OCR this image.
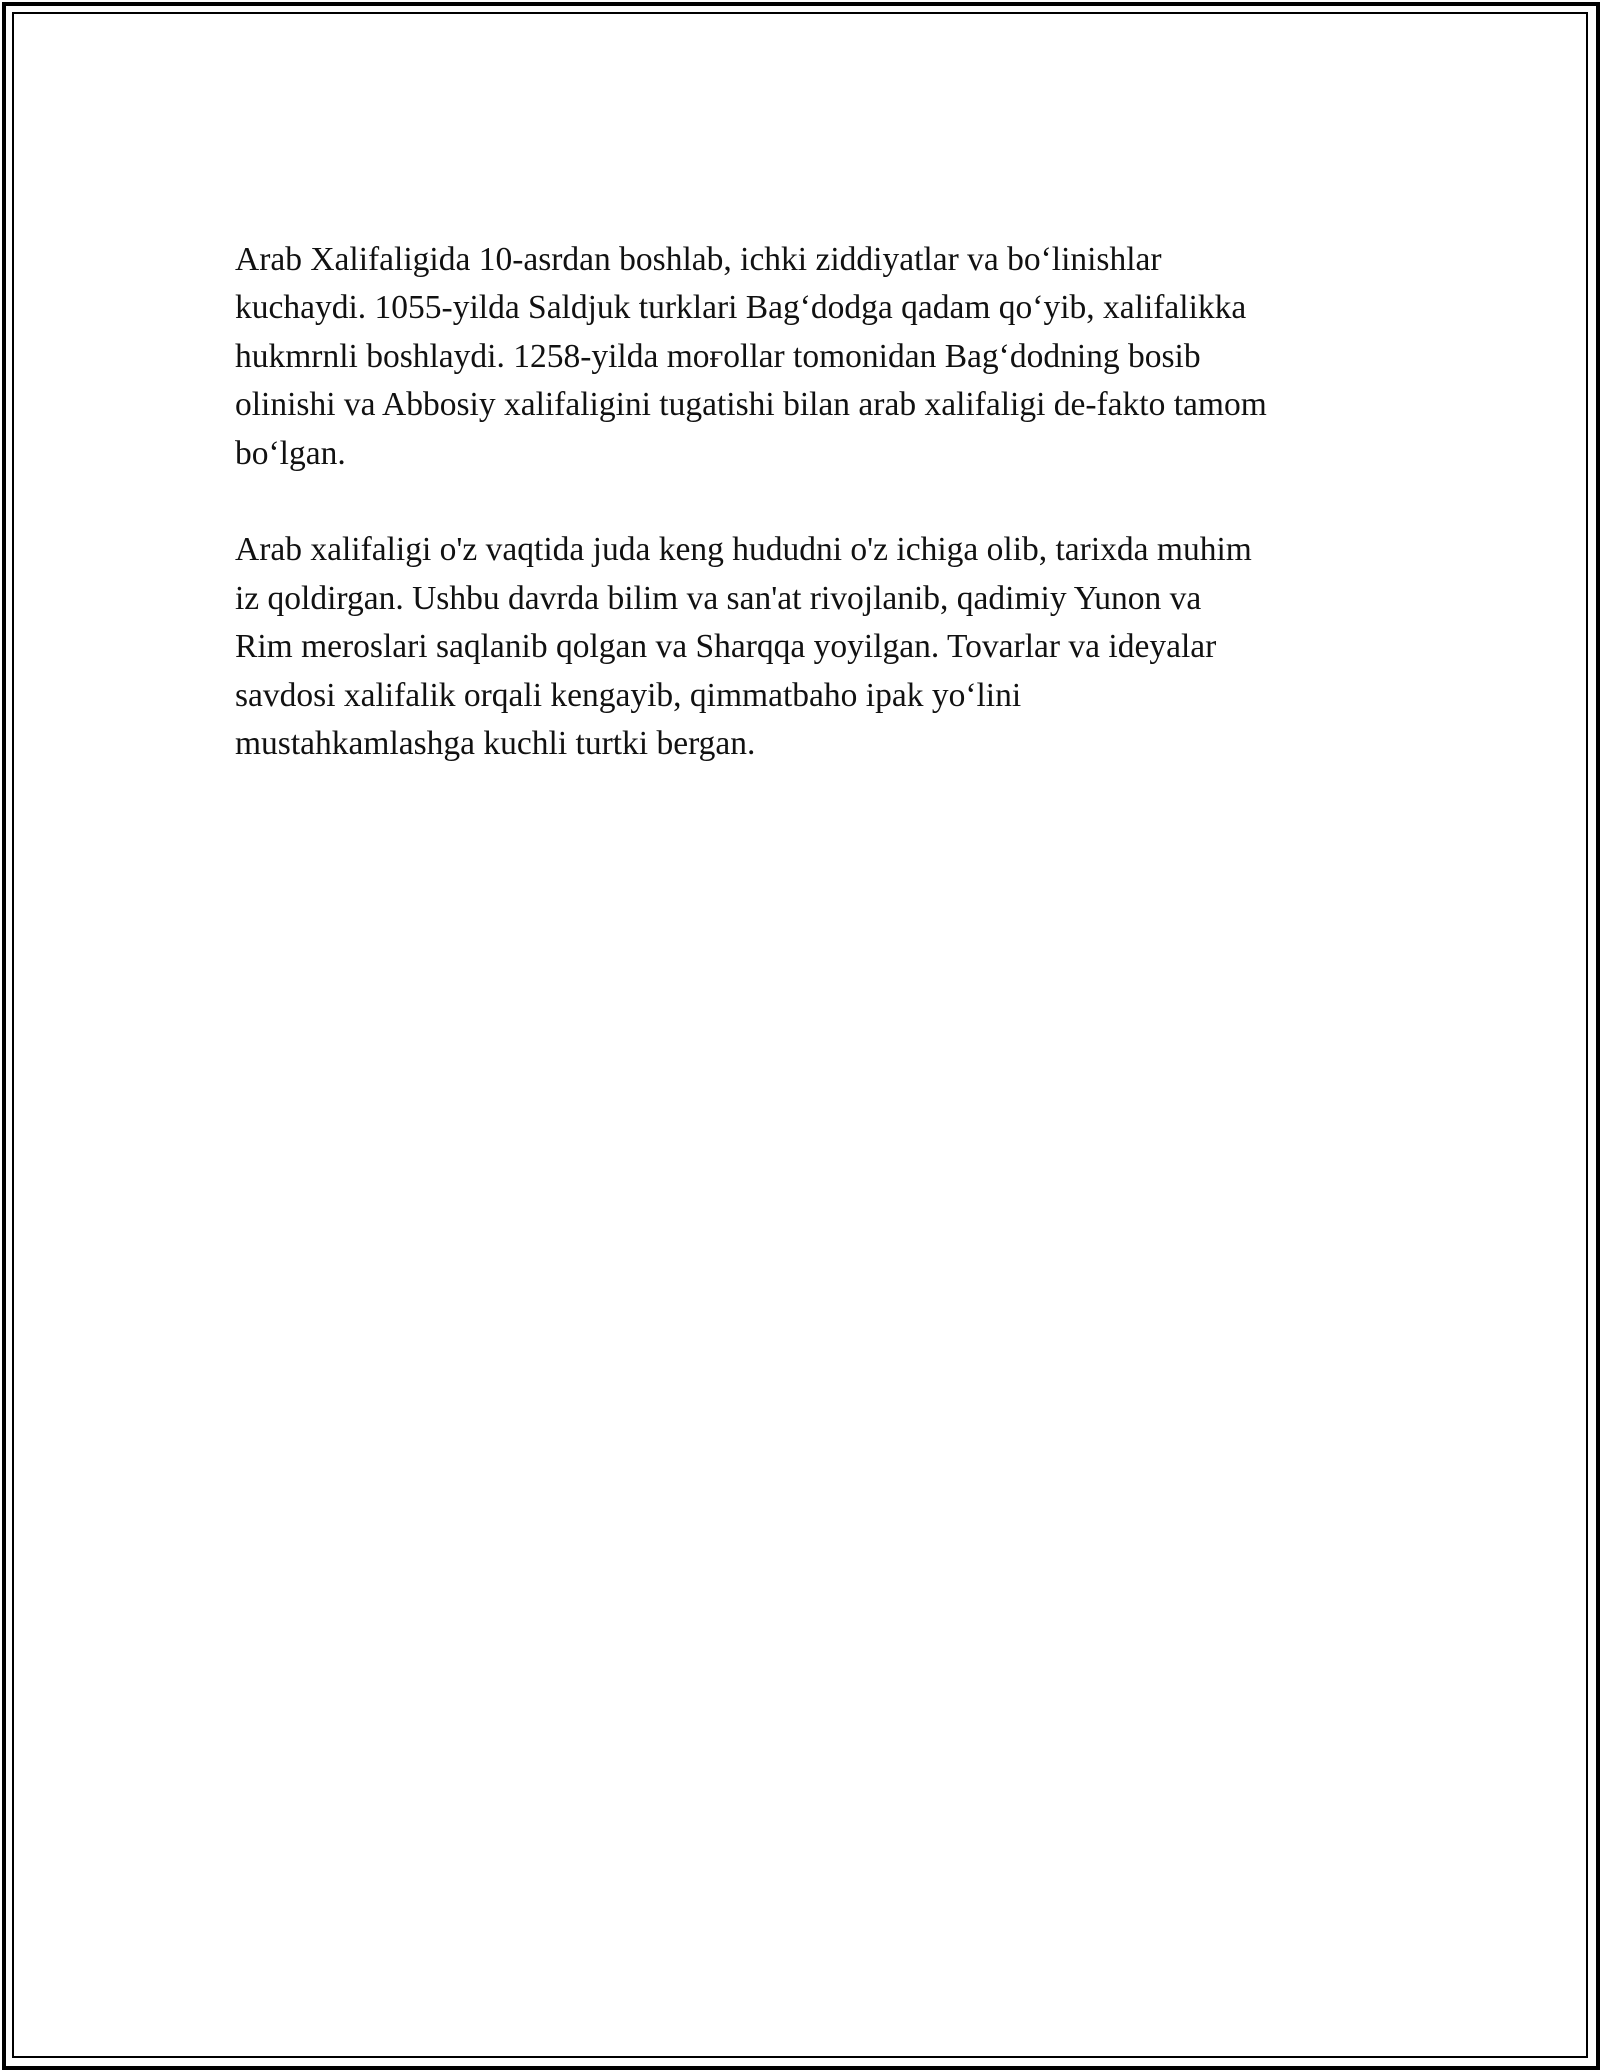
Arab Xalifaligida 10-asrdan boshlab, ichki ziddiyatlar va bo‘linishlar
kuchaydi. 1055-yilda Saldjuk turklari Bag‘dodga qadam qo‘yib, xalifalikka
hukmrnli boshlaydi. 1258-yilda moғollar tomonidan Bag‘dodning bosib
olinishi va Abbosiy xalifaligini tugatishi bilan arab xalifaligi de-fakto tamom
bo‘lgan.

Arab xalifaligi o'z vaqtida juda keng hududni o'z ichiga olib, tarixda muhim
iz qoldirgan. Ushbu davrda bilim va san'at rivojlanib, qadimiy Yunon va
Rim meroslari saqlanib qolgan va Sharqqa yoyilgan. Tovarlar va ideyalar
savdosi xalifalik orqali kengayib, qimmatbaho ipak yo‘lini
mustahkamlashga kuchli turtki bergan.
